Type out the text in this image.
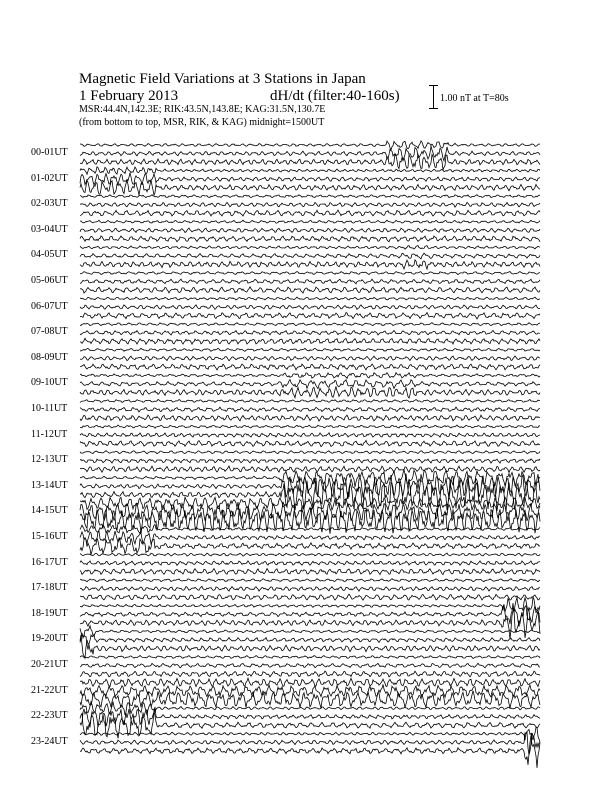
Magnetic Field Variations at 3 Stations in Japan
1 February 2013	dH/dt (filter:40-160s)
MSR:44.4N,142.3E; RIK:43.5N,143.8E; KAG:31.5N,130.7E
(from bottom to top, MSR, RIK, & KAG) midnight=1500UT
1.00 nT at T=80s
00-01UT
01-02UT
02-03UT
03-04UT
04-05UT
05-06UT
06-07UT
07-08UT
08-09UT
09-10UT
10-11UT
11-12UT
12-13UT
13-14UT
14-15UT
15-16UT
16-17UT
17-18UT
18-19UT
19-20UT
20-21UT
21-22UT
22-23UT
23-24UT
